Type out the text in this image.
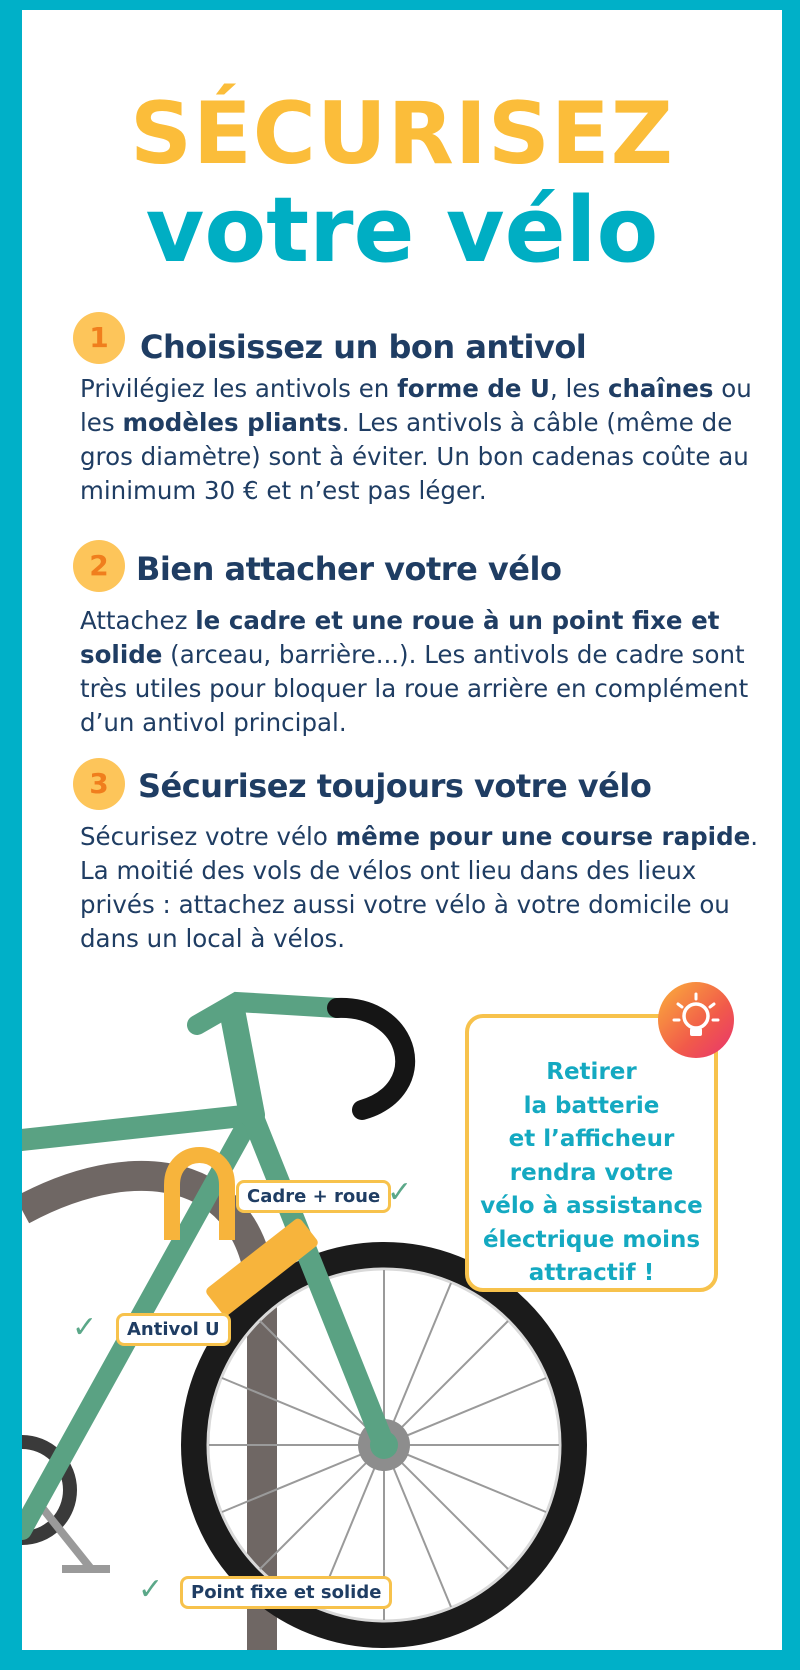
SÉCURISEZ
votre vélo
1 Choisissez un bon antivol
Privilégiez les antivols en forme de U, les chaînes ou les modèles pliants. Les antivols à câble (même de gros diamètre) sont à éviter. Un bon cadenas coûte au minimum 30 € et n’est pas léger.
2 Bien attacher votre vélo
Attachez le cadre et une roue à un point fixe et solide (arceau, barrière...). Les antivols de cadre sont très utiles pour bloquer la roue arrière en complément d’un antivol principal.
3 Sécurisez toujours votre vélo
Sécurisez votre vélo même pour une course rapide. La moitié des vols de vélos ont lieu dans des lieux privés : attachez aussi votre vélo à votre domicile ou dans un local à vélos.
Cadre + roue ✓
✓	Antivol U
✓	Point fixe et solide
Retirer
la batterie
et l’afficheur
rendra votre
vélo à assistance
électrique moins
attractif !
